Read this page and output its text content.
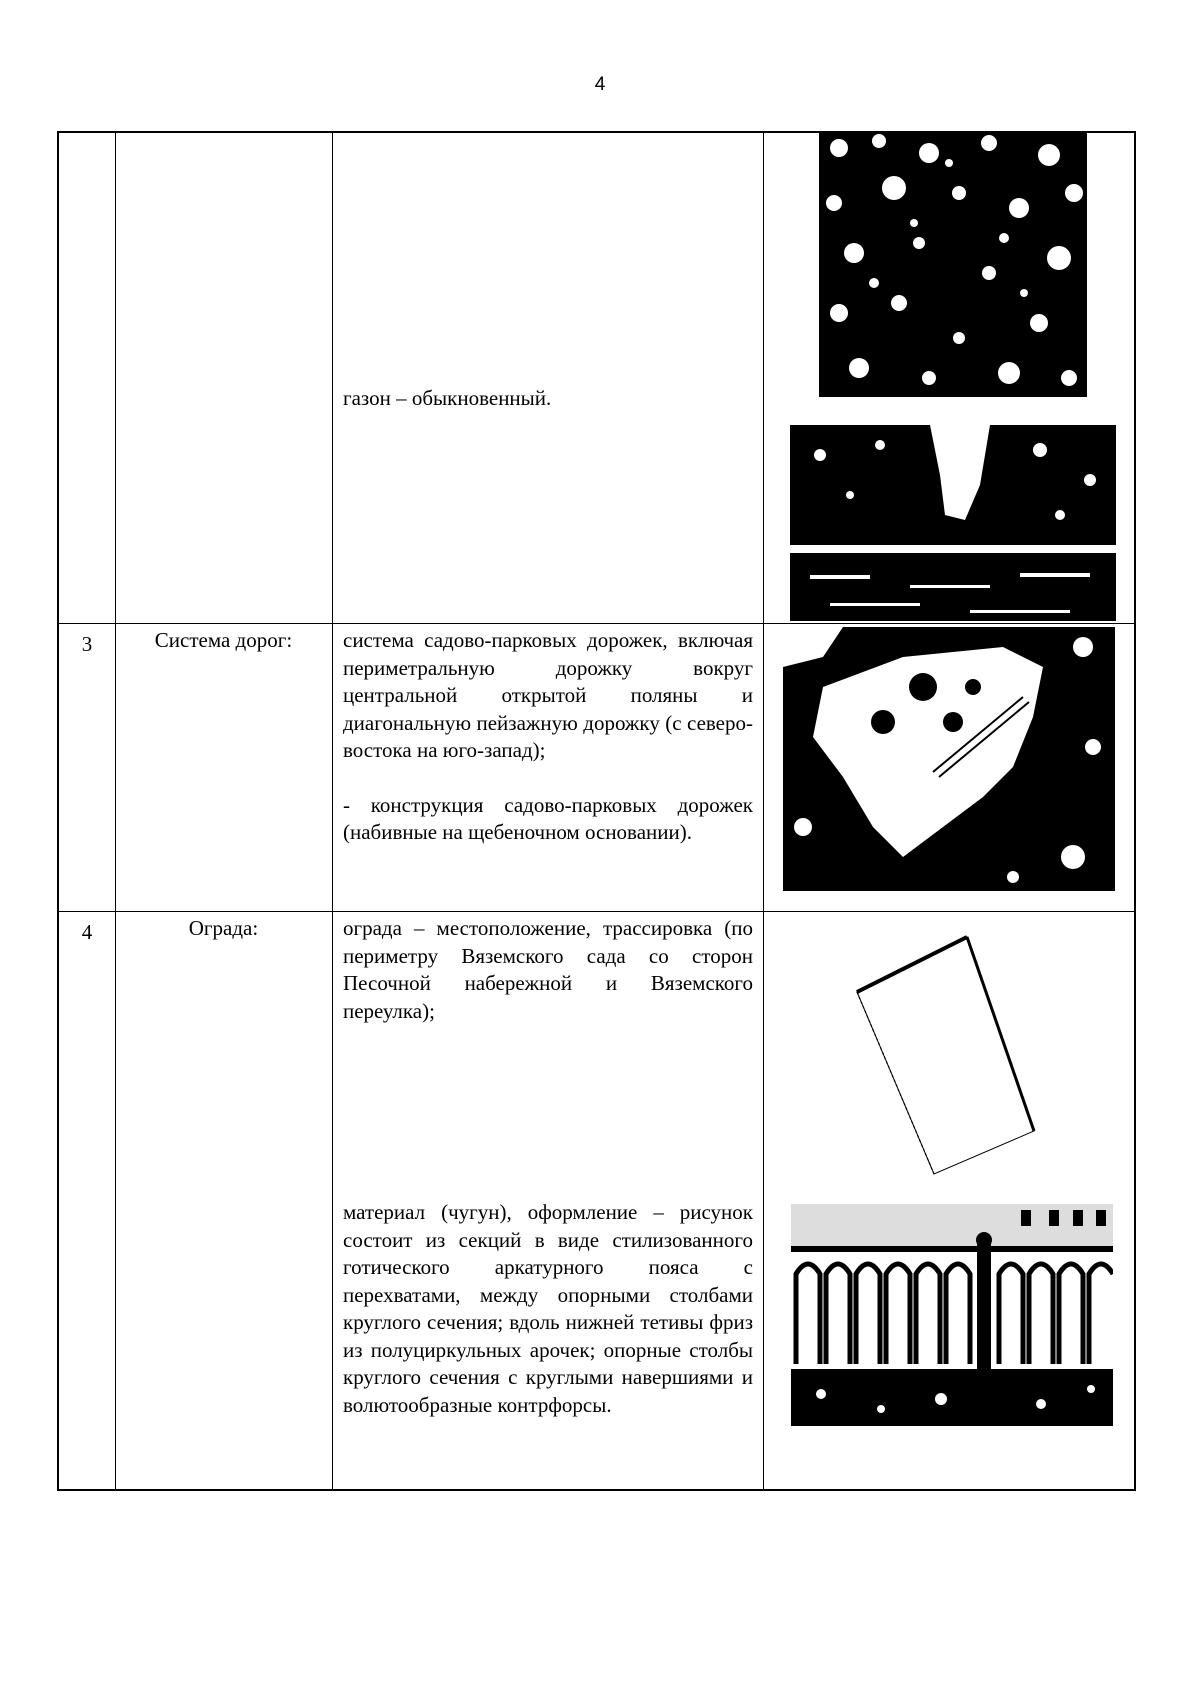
4
газон – обыкновенный.
3	Система дорог:	система садово-парковых дорожек, включая периметральную дорожку вокруг центральной открытой поляны и диагональную пейзажную дорожку (с северо-востока на юго-запад);

- конструкция садово-парковых дорожек (набивные на щебеночном основании).

4	Ограда:	ограда – местоположение, трассировка (по периметру Вяземского сада со сторон Песочной набережной и Вяземского переулка);
материал (чугун), оформление – рисунок состоит из секций в виде стилизованного готического аркатурного пояса с перехватами, между опорными столбами круглого сечения; вдоль нижней тетивы фриз из полуциркульных арочек; опорные столбы круглого сечения с круглыми навершиями и волютообразные контрфорсы.
